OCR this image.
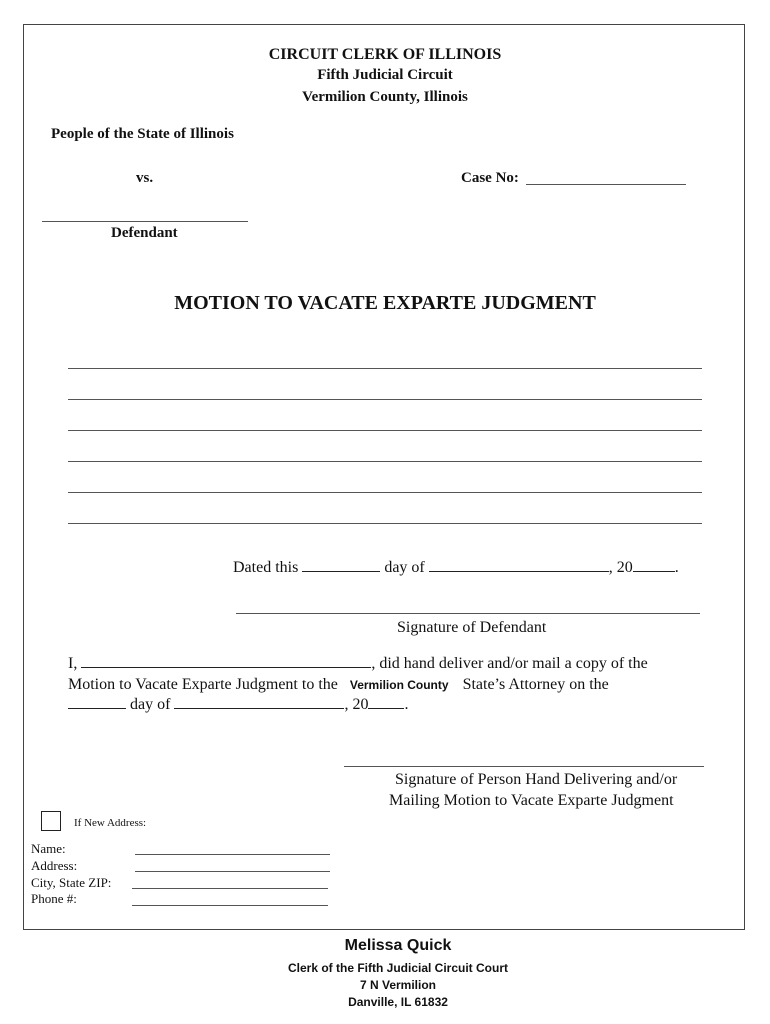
CIRCUIT CLERK OF ILLINOIS
Fifth Judicial Circuit
Vermilion County, Illinois
People of the State of Illinois
vs.	Case No:
Defendant
MOTION TO VACATE EXPARTE JUDGMENT
Dated this	day of	, 20	.
Signature of Defendant
I,	, did hand deliver and/or mail a copy of the
Motion to Vacate Exparte Judgment to the Vermilion County State’s Attorney on the
day of	, 20 .
Signature of Person Hand Delivering and/or
Mailing Motion to Vacate Exparte Judgment
If New Address:
Name:
Address:
City, State ZIP:
Phone #:
Melissa Quick
Clerk of the Fifth Judicial Circuit Court
7 N Vermilion
Danville, IL 61832
